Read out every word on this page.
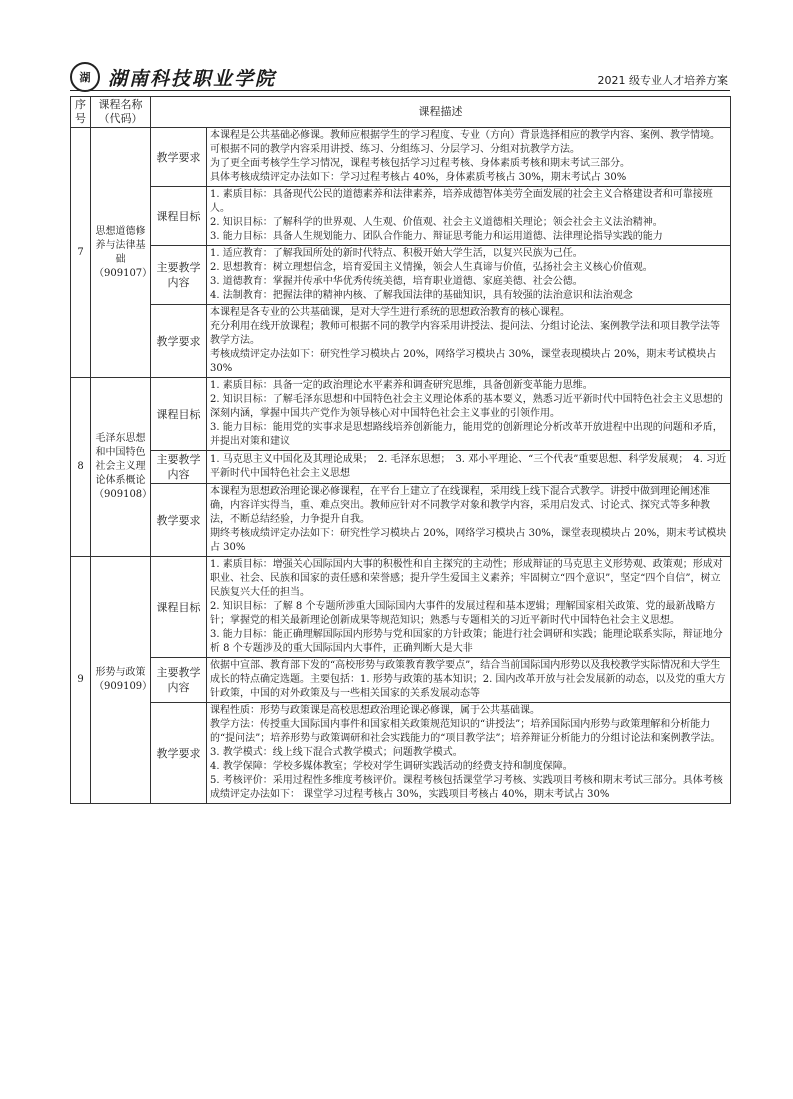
湖 湖南科技职业学院	2021 级专业人才培养方案
序号	课程名称（代码）	课程描述	
7	思想道德修养与法律基础（909107）	教学要求	本课程是公共基础必修课。教师应根据学生的学习程度、专业（方向）背景选择相应的教学内容、案例、教学情境。
可根据不同的教学内容采用讲授、练习、分组练习、分层学习、分组对抗教学方法。
为了更全面考核学生学习情况，课程考核包括学习过程考核、身体素质考核和期末考试三部分。
具体考核成绩评定办法如下：学习过程考核占 40%，身体素质考核占 30%，期末考试占 30%

		课程目标	1. 素质目标：具备现代公民的道德素养和法律素养，培养成德智体美劳全面发展的社会主义合格建设者和可靠接班人。
2. 知识目标：了解科学的世界观、人生观、价值观、社会主义道德相关理论；领会社会主义法治精神。
3. 能力目标：具备人生规划能力、团队合作能力、辩证思考能力和运用道德、法律理论指导实践的能力

		主要教学内容	1. 适应教育：了解我国所处的新时代特点、积极开始大学生活，以复兴民族为己任。
2. 思想教育：树立理想信念，培育爱国主义情操，领会人生真谛与价值，弘扬社会主义核心价值观。
3. 道德教育：掌握并传承中华优秀传统美德，培育职业道德、家庭美德、社会公德。
4. 法制教育：把握法律的精神内核、了解我国法律的基础知识，具有较强的法治意识和法治观念

		教学要求	本课程是各专业的公共基础课，是对大学生进行系统的思想政治教育的核心课程。
充分利用在线开放课程；教师可根据不同的教学内容采用讲授法、提问法、分组讨论法、案例教学法和项目教学法等教学方法。
考核成绩评定办法如下：研究性学习模块占 20%，网络学习模块占 30%，课堂表现模块占 20%，期末考试模块占 30%

8	毛泽东思想和中国特色 社会主义理论体系概论（909108）	课程目标	1. 素质目标：具备一定的政治理论水平素养和调查研究思维，具备创新变革能力思维。
2. 知识目标：了解毛泽东思想和中国特色社会主义理论体系的基本要义，熟悉习近平新时代中国特色社会主义思想的深刻内涵，掌握中国共产党作为领导核心对中国特色社会主义事业的引领作用。
3. 能力目标：能用党的实事求是思想路线培养创新能力，能用党的创新理论分析改革开放进程中出现的问题和矛盾，并提出对策和建议

		主要教学内容	1. 马克思主义中国化及其理论成果；　2. 毛泽东思想；　3. 邓小平理论、“三个代表”重要思想、科学发展观；　4. 习近平新时代中国特色社会主义思想

		教学要求	本课程为思想政治理论课必修课程，在平台上建立了在线课程，采用线上线下混合式教学。讲授中做到理论阐述准确，内容详实得当，重、难点突出。教师应针对不同教学对象和教学内容，采用启发式、讨论式、探究式等多种教法，不断总结经验，力争提升自我。
期终考核成绩评定办法如下：研究性学习模块占 20%，网络学习模块占 30%，课堂表现模块占 20%，期末考试模块占 30%

9	形势与政策（909109）	课程目标	1. 素质目标：增强关心国际国内大事的积极性和自主探究的主动性；形成辩证的马克思主义形势观、政策观；形成对职业、社会、民族和国家的责任感和荣誉感；提升学生爱国主义素养；牢固树立“四个意识”，坚定“四个自信”，树立民族复兴大任的担当。
2. 知识目标：了解 8 个专题所涉重大国际国内大事件的发展过程和基本逻辑；理解国家相关政策、党的最新战略方针；掌握党的相关最新理论创新成果等规范知识；熟悉与专题相关的习近平新时代中国特色社会主义思想。
3. 能力目标：能正确理解国际国内形势与党和国家的方针政策；能进行社会调研和实践；能理论联系实际，辩证地分析 8 个专题涉及的重大国际国内大事件，正确判断大是大非

		主要教学内容	依据中宣部、教育部下发的“高校形势与政策教育教学要点”，结合当前国际国内形势以及我校教学实际情况和大学生成长的特点确定选题。主要包括：1. 形势与政策的基本知识；2. 国内改革开放与社会发展新的动态，以及党的重大方针政策，中国的对外政策及与一些相关国家的关系发展动态等

		教学要求	课程性质：形势与政策课是高校思想政治理论课必修课，属于公共基础课。
教学方法：传授重大国际国内事件和国家相关政策规范知识的“讲授法”；培养国际国内形势与政策理解和分析能力的“提问法”；培养形势与政策调研和社会实践能力的“项目教学法”；培养辩证分析能力的分组讨论法和案例教学法。
3. 教学模式：线上线下混合式教学模式；问题教学模式。
4. 教学保障：学校多媒体教室；学校对学生调研实践活动的经费支持和制度保障。
5. 考核评价：采用过程性多维度考核评价。课程考核包括课堂学习考核、实践项目考核和期末考试三部分。具体考核成绩评定办法如下： 课堂学习过程考核占 30%，实践项目考核占 40%，期末考试占 30%
